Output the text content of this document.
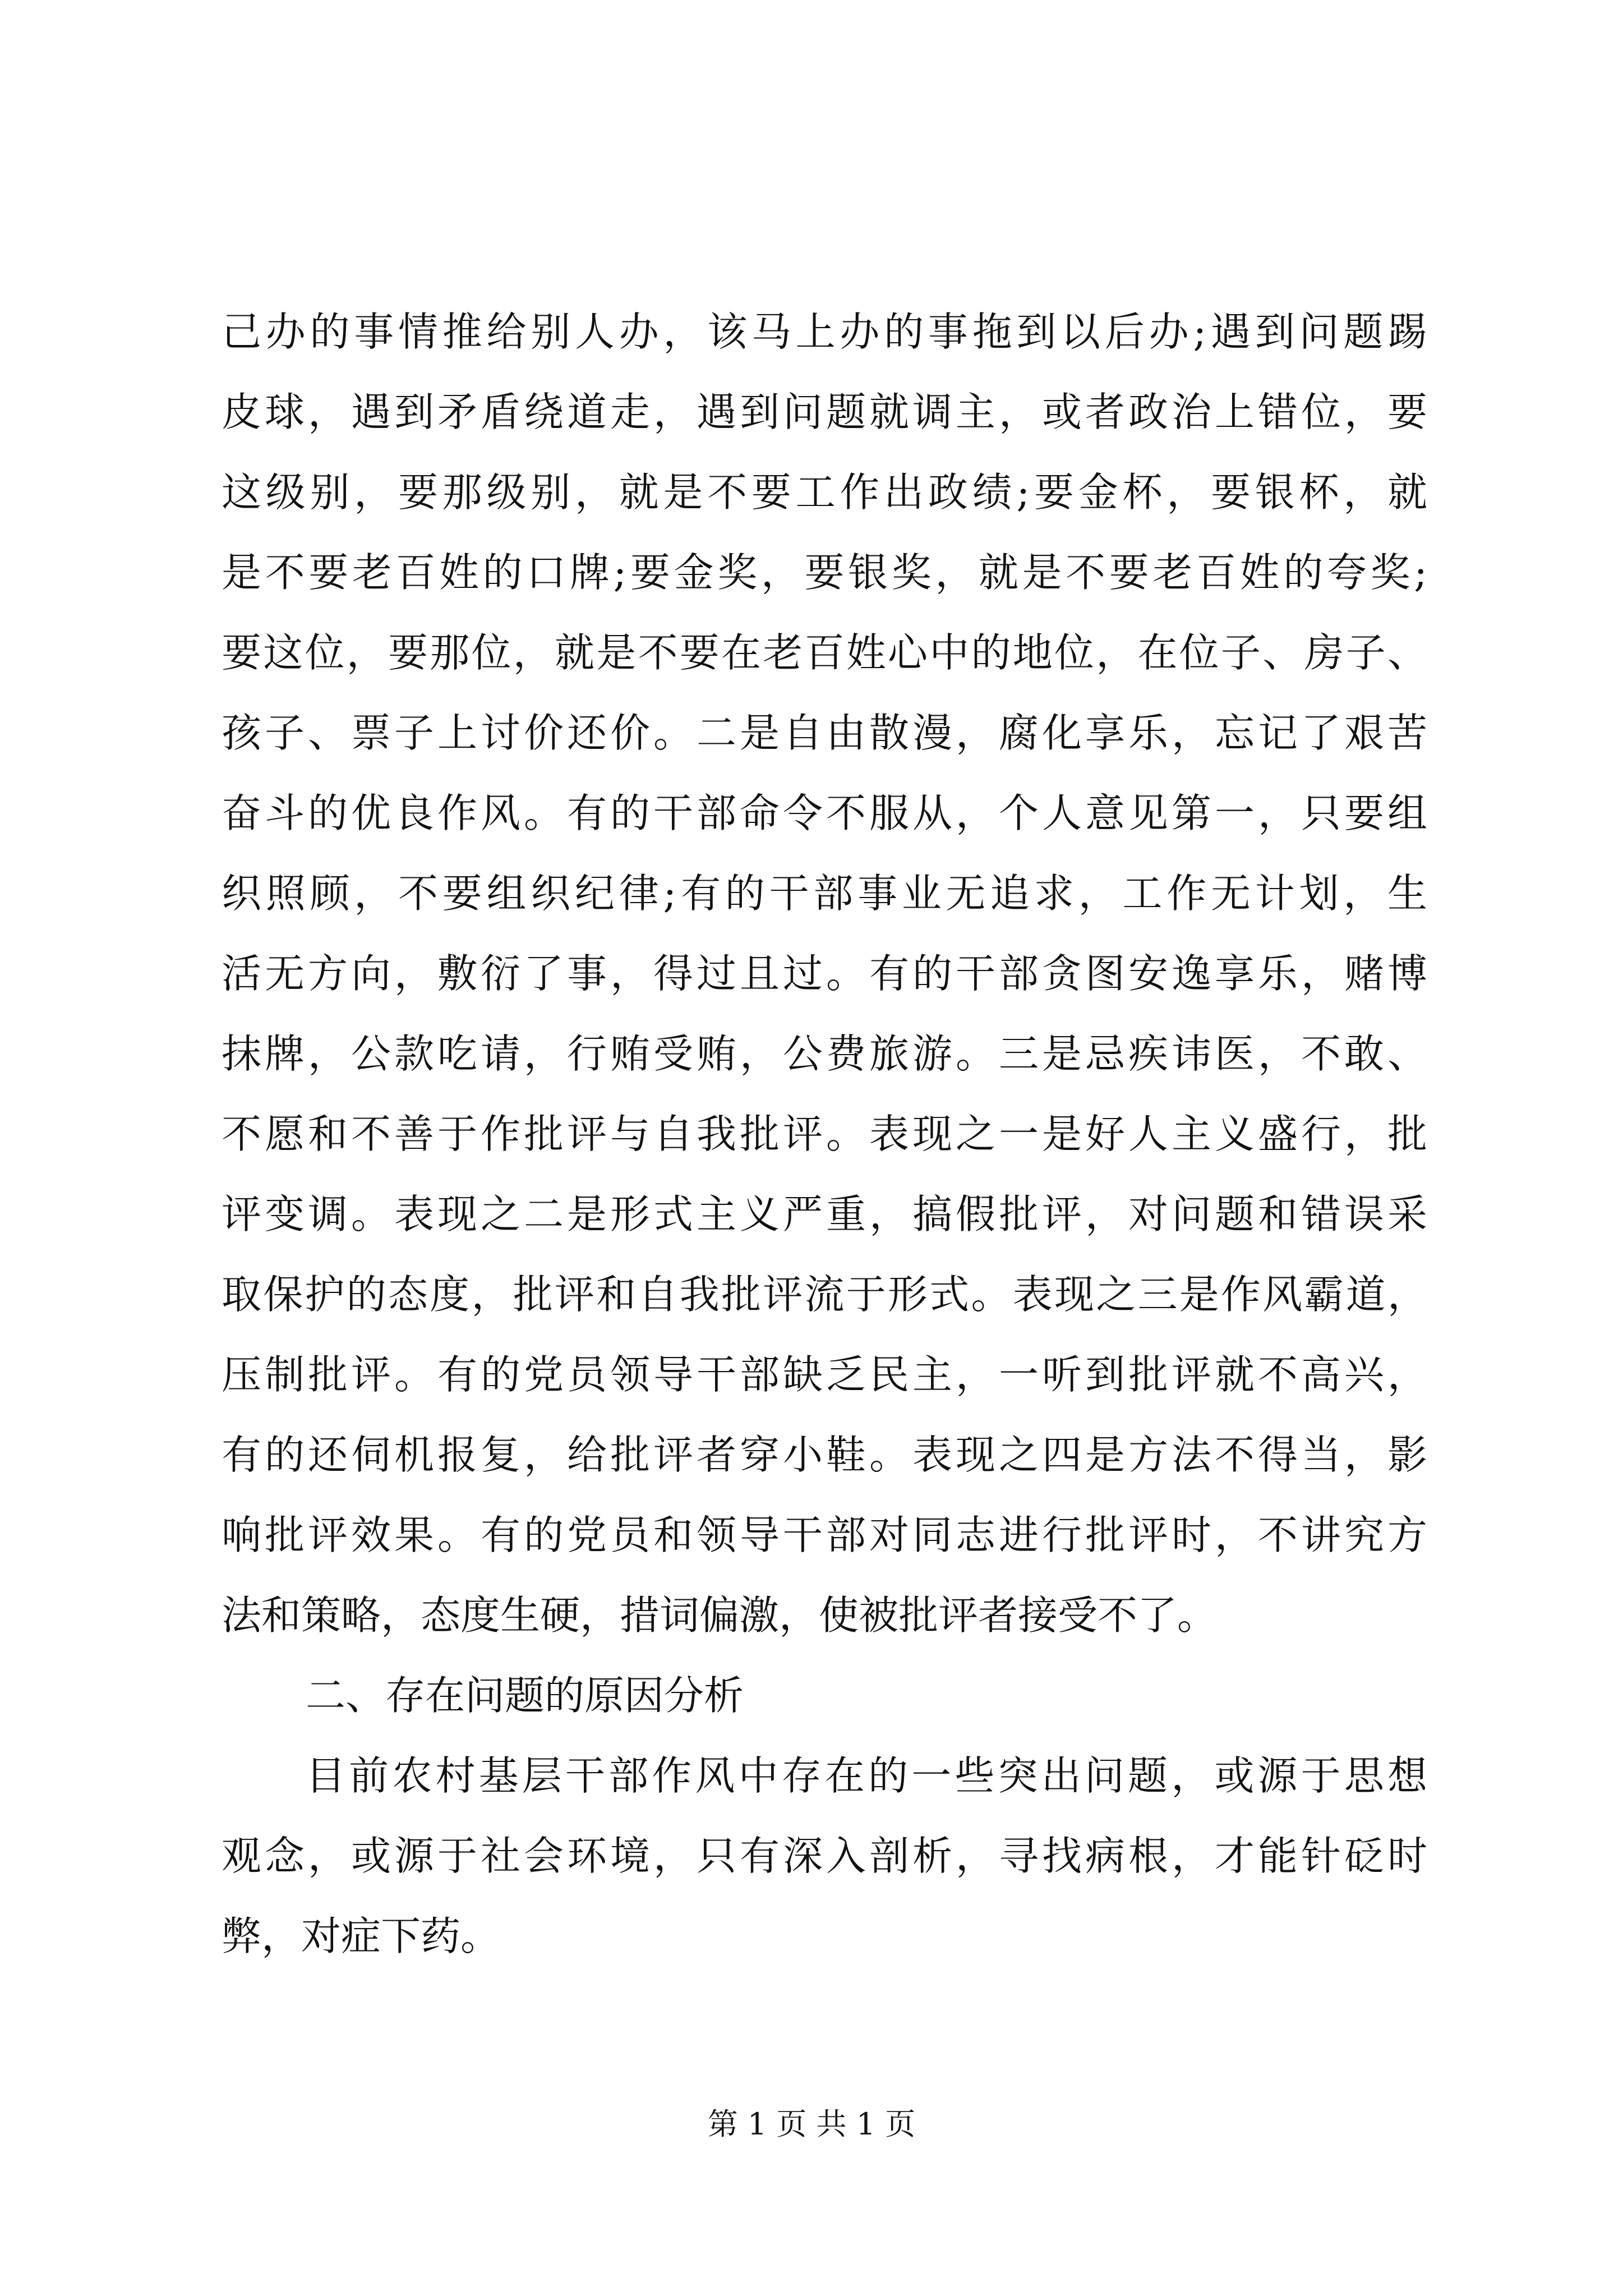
己办的事情推给别人办，该马上办的事拖到以后办;遇到问题踢
皮球，遇到矛盾绕道走，遇到问题就调主，或者政治上错位，要
这级别，要那级别，就是不要工作出政绩;要金杯，要银杯，就
是不要老百姓的口牌;要金奖，要银奖，就是不要老百姓的夸奖;
要这位，要那位，就是不要在老百姓心中的地位，在位子、房子、
孩子、票子上讨价还价。二是自由散漫，腐化享乐，忘记了艰苦
奋斗的优良作风。有的干部命令不服从，个人意见第一，只要组
织照顾，不要组织纪律;有的干部事业无追求，工作无计划，生
活无方向，敷衍了事，得过且过。有的干部贪图安逸享乐，赌博
抹牌，公款吃请，行贿受贿，公费旅游。三是忌疾讳医，不敢、
不愿和不善于作批评与自我批评。表现之一是好人主义盛行，批
评变调。表现之二是形式主义严重，搞假批评，对问题和错误采
取保护的态度，批评和自我批评流于形式。表现之三是作风霸道，
压制批评。有的党员领导干部缺乏民主，一听到批评就不高兴，
有的还伺机报复，给批评者穿小鞋。表现之四是方法不得当，影
响批评效果。有的党员和领导干部对同志进行批评时，不讲究方
法和策略，态度生硬，措词偏激，使被批评者接受不了。
二、存在问题的原因分析
目前农村基层干部作风中存在的一些突出问题，或源于思想
观念，或源于社会环境，只有深入剖析，寻找病根，才能针砭时
弊，对症下药。
第 1 页 共 1 页
